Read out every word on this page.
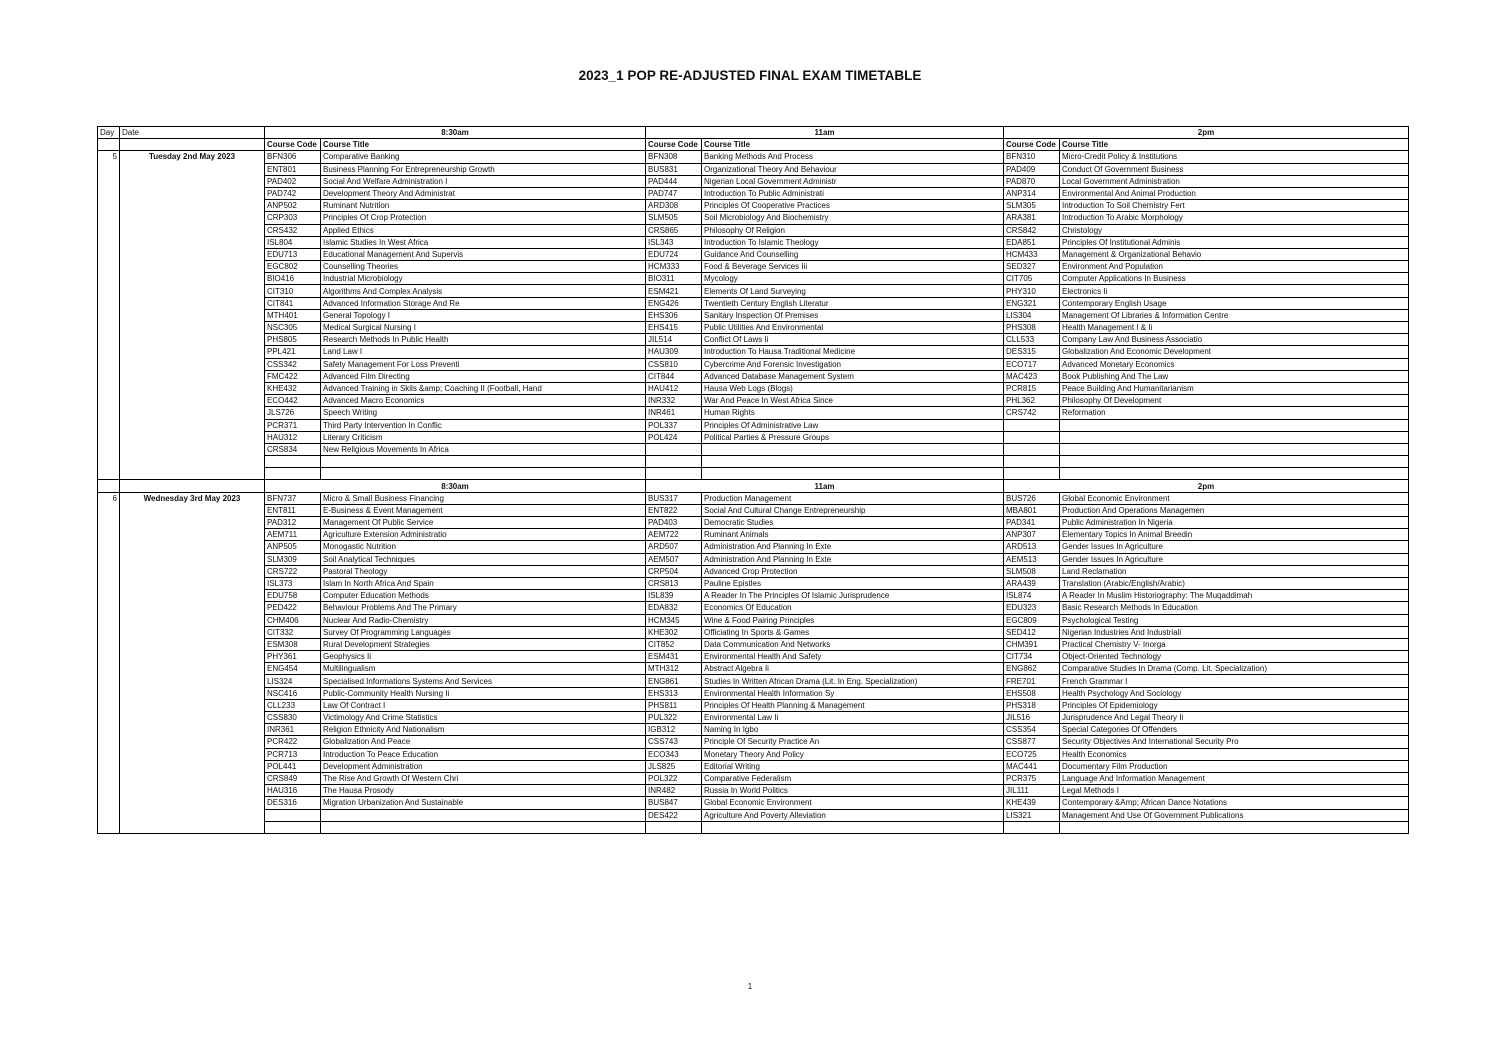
2023_1 POP RE-ADJUSTED FINAL EXAM TIMETABLE
Day	Date	8:30am		11am		2pm	
		Course Code	Course Title	Course Code	Course Title	Course Code	Course Title
5	Tuesday 2nd May 2023	BFN306	Comparative Banking	BFN308	Banking Methods And Process	BFN310	Micro-Credit Policy & Institutions
		ENT801	Business Planning For Entrepreneurship Growth	BUS831	Organizational Theory And Behaviour	PAD409	Conduct Of Government Business
		PAD402	Social And Welfare Administration I	PAD444	Nigerian Local Government Administr	PAD870	Local Government Administration
		PAD742	Development Theory And Administrat	PAD747	Introduction To Public Administrati	ANP314	Environmental And Animal Production
		ANP502	Ruminant Nutrition	ARD308	Principles Of Cooperative Practices	SLM305	Introduction To Soil Chemistry Fert
		CRP303	Principles Of Crop Protection	SLM505	Soil Microbiology And Biochemistry	ARA381	Introduction To Arabic Morphology
		CRS432	Applied Ethics	CRS865	Philosophy Of Religion	CRS842	Christology
		ISL804	Islamic Studies In West Africa	ISL343	Introduction To Islamic Theology	EDA851	Principles Of Institutional Adminis
		EDU713	Educational Management And Supervis	EDU724	Guidance And Counselling	HCM433	Management & Organizational Behavio
		EGC802	Counselling Theories	HCM333	Food & Beverage Services Iii	SED327	Environment And Population
		BIO416	Industrial Microbiology	BIO311	Mycology	CIT705	Computer Applications In Business
		CIT310	Algorithms And Complex Analysis	ESM421	Elements Of Land Surveying	PHY310	Electronics Ii
		CIT841	Advanced Information Storage And Re	ENG426	Twentieth Century English Literatur	ENG321	Contemporary English Usage
		MTH401	General Topology I	EHS306	Sanitary Inspection Of Premises	LIS304	Management Of Libraries & Information Centre
		NSC305	Medical Surgical Nursing I	EHS415	Public Utilities And Environmental	PHS308	Health Management I & Ii
		PHS805	Research Methods In Public Health	JIL514	Conflict Of Laws Ii	CLL533	Company Law And Business Associatio
		PPL421	Land Law I	HAU309	Introduction To Hausa Traditional Medicine	DES315	Globalization And Economic Development
		CSS342	Safety Management For Loss Preventi	CSS810	Cybercrime And Forensic Investigation	ECO717	Advanced Monetary Economics
		FMC422	Advanced Film Directing	CIT844	Advanced Database Management System	MAC423	Book Publishing And The Law
		KHE432	Advanced Training in Skils &amp; Coaching II (Football, Hand	HAU412	Hausa Web Logs (Blogs)	PCR815	Peace Building And Humanitarianism
		ECO442	Advanced Macro Economics	INR332	War And Peace In West Africa Since	PHL362	Philosophy Of Development
		JLS726	Speech Writing	INR461	Human Rights	CRS742	Reformation
		PCR371	Third Party Intervention In Conflic	POL337	Principles Of Administrative Law		
		HAU312	Literary Criticism	POL424	Political Parties & Pressure Groups		
		CRS834	New Religious Movements In Africa				

		8:30am		11am		2pm	
6	Wednesday 3rd May 2023	BFN737	Micro & Small Business Financing	BUS317	Production Management	BUS726	Global Economic Environment
		ENT811	E-Business & Event Management	ENT822	Social And Cultural Change Entrepreneurship	MBA801	Production And Operations Managemen
		PAD312	Management Of Public Service	PAD403	Democratic Studies	PAD341	Public Administration In Nigeria
		AEM711	Agriculture Extension Administratio	AEM722	Ruminant Animals	ANP307	Elementary Topics In Animal Breedin
		ANP505	Monogastic Nutrition	ARD507	Administration And Planning In Exte	ARD513	Gender Issues In Agriculture
		SLM309	Soil Analytical Techniques	AEM507	Administration And Planning In Exte	AEM513	Gender Issues In Agriculture
		CRS722	Pastoral Theology	CRP504	Advanced Crop Protection	SLM508	Land Reclamation
		ISL373	Islam In North Africa And Spain	CRS813	Pauline Epistles	ARA439	Translation (Arabic/English/Arabic)
		EDU758	Computer Education Methods	ISL839	A Reader In The Principles Of Islamic Jurisprudence	ISL874	A Reader In Muslim Historiography: The Muqaddimah
		PED422	Behaviour Problems And The Primary	EDA832	Economics Of Education	EDU323	Basic Research Methods In Education
		CHM406	Nuclear And Radio-Chemistry	HCM345	Wine & Food Pairing Principles	EGC809	Psychological Testing
		CIT332	Survey Of Programming Languages	KHE302	Officiating In Sports & Games	SED412	Nigerian Industries And Industriali
		ESM308	Rural Development Strategies	CIT852	Data Communication And Networks	CHM391	Practical Chemistry V- Inorga
		PHY361	Geophysics Ii	ESM431	Environmental Health And Safety	CIT734	Object-Oriented Technology
		ENG454	Multilingualism	MTH312	Abstract Algebra Ii	ENG862	Comparative Studies In Drama (Comp. Lit. Specialization)
		LIS324	Specialised Informations Systems And Services	ENG861	Studies In Written African Drama (Lit. In Eng. Specialization)	FRE701	French Grammar I
		NSC416	Public-Community Health Nursing Ii	EHS313	Environmental Health Information Sy	EHS508	Health Psychology And Sociology
		CLL233	Law Of Contract I	PHS811	Principles Of Health Planning & Management	PHS318	Principles Of Epidemiology
		CSS830	Victimology And Crime Statistics	PUL322	Environmental Law Ii	JIL516	Jurisprudence And Legal Theory Ii
		INR361	Religion Ethnicity And Nationalism	IGB312	Naming In Igbo	CSS354	Special Categories Of Offenders
		PCR422	Globalization And Peace	CSS743	Principle Of Security Practice An	CSS877	Security Objectives And International Security Pro
		PCR713	Introduction To Peace Education	ECO343	Monetary Theory And Policy	ECO725	Health Economics
		POL441	Development Administration	JLS825	Editorial Writing	MAC441	Documentary Film Production
		CRS849	The Rise And Growth Of Western Chri	POL322	Comparative Federalism	PCR375	Language And Information Management
		HAU316	The Hausa Prosody	INR482	Russia In World Politics	JIL111	Legal Methods I
		DES316	Migration Urbanization And Sustainable	BUS847	Global Economic Environment	KHE439	Contemporary &Amp; African Dance Notations
				DES422	Agriculture And Poverty Alleviation	LIS321	Management And Use Of Government Publications

1
